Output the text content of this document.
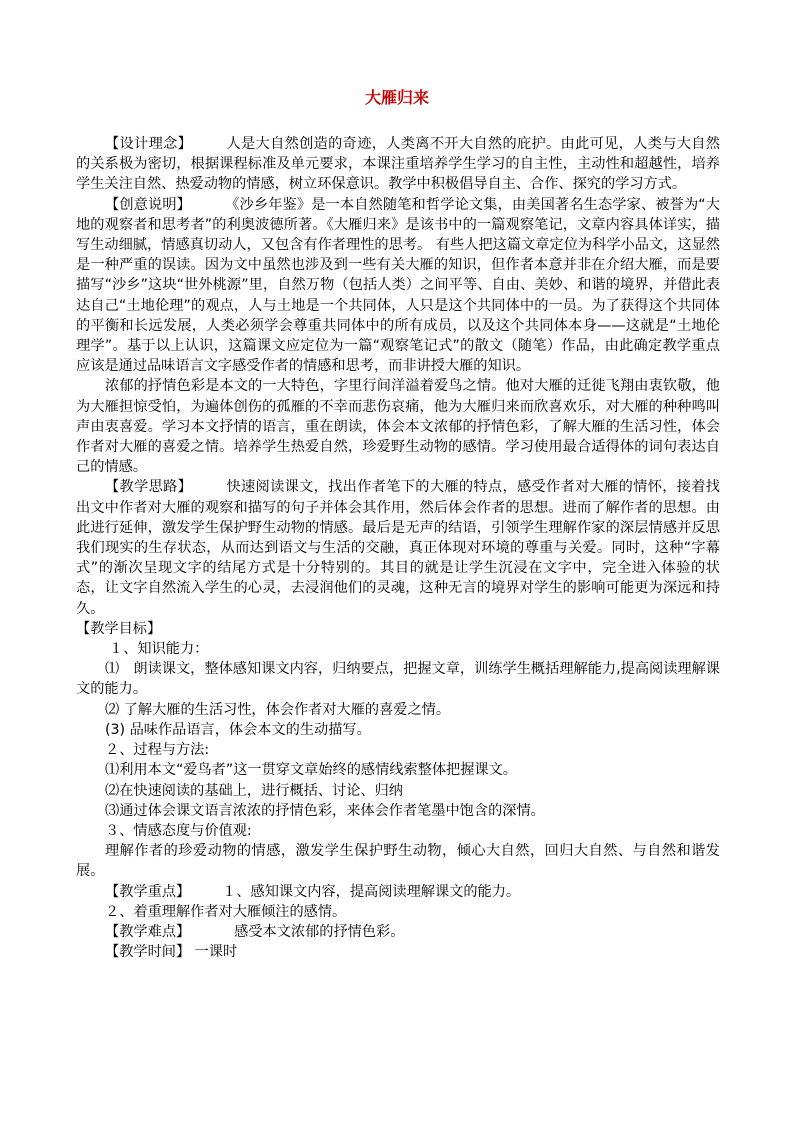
大雁归来

【设计理念】 人是大自然创造的奇迹，人类离不开大自然的庇护。由此可见，人类与大自然的关系极为密切，根据课程标准及单元要求，本课注重培养学生学习的自主性，主动性和超越性，培养学生关注自然、热爱动物的情感，树立环保意识。教学中积极倡导自主、合作、探究的学习方式。

【创意说明】 《沙乡年鉴》是一本自然随笔和哲学论文集，由美国著名生态学家、被誉为“大地的观察者和思考者”的利奥波德所著。《大雁归来》是该书中的一篇观察笔记，文章内容具体详实，描写生动细腻，情感真切动人，又包含有作者理性的思考。 有些人把这篇文章定位为科学小品文，这显然是一种严重的误读。因为文中虽然也涉及到一些有关大雁的知识，但作者本意并非在介绍大雁，而是要描写“沙乡”这块“世外桃源”里，自然万物（包括人类）之间平等、自由、美妙、和谐的境界，并借此表达自己“土地伦理”的观点，人与土地是一个共同体，人只是这个共同体中的一员。为了获得这个共同体的平衡和长远发展，人类必须学会尊重共同体中的所有成员，以及这个共同体本身——这就是“土地伦理学”。基于以上认识，这篇课文应定位为一篇“观察笔记式”的散文（随笔）作品，由此确定教学重点应该是通过品味语言文字感受作者的情感和思考，而非讲授大雁的知识。

浓郁的抒情色彩是本文的一大特色，字里行间洋溢着爱鸟之情。他对大雁的迁徙飞翔由衷钦敬，他为大雁担惊受怕，为遍体创伤的孤雁的不幸而悲伤哀痛，他为大雁归来而欣喜欢乐，对大雁的种种鸣叫声由衷喜爱。学习本文抒情的语言，重在朗读，体会本文浓郁的抒情色彩，了解大雁的生活习性，体会作者对大雁的喜爱之情。培养学生热爱自然，珍爱野生动物的感情。学习使用最合适得体的词句表达自己的情感。

【教学思路】 快速阅读课文，找出作者笔下的大雁的特点，感受作者对大雁的情怀，接着找出文中作者对大雁的观察和描写的句子并体会其作用，然后体会作者的思想。进而了解作者的思想。由此进行延伸，激发学生保护野生动物的情感。最后是无声的结语，引领学生理解作家的深层情感并反思我们现实的生存状态，从而达到语文与生活的交融，真正体现对环境的尊重与关爱。同时，这种“字幕式”的渐次呈现文字的结尾方式是十分特别的。其目的就是让学生沉浸在文字中，完全进入体验的状态，让文字自然流入学生的心灵，去浸润他们的灵魂，这种无言的境界对学生的影响可能更为深远和持久。

【教学目标】

１、知识能力：

⑴　朗读课文，整体感知课文内容，归纳要点，把握文章，训练学生概括理解能力,提高阅读理解课文的能力。

⑵ 了解大雁的生活习性，体会作者对大雁的喜爱之情。

(3) 品味作品语言，体会本文的生动描写。

２、过程与方法:

⑴利用本文“爱鸟者”这一贯穿文章始终的感情线索整体把握课文。

⑵在快速阅读的基础上，进行概括、讨论、归纳

⑶通过体会课文语言浓浓的抒情色彩，来体会作者笔墨中饱含的深情。

３、情感态度与价值观:

理解作者的珍爱动物的情感，激发学生保护野生动物，倾心大自然，回归大自然、与自然和谐发展。

【教学重点】 １、感知课文内容，提高阅读理解课文的能力。

２、着重理解作者对大雁倾注的感情。

【教学难点】	感受本文浓郁的抒情色彩。

【教学时间】 一课时
